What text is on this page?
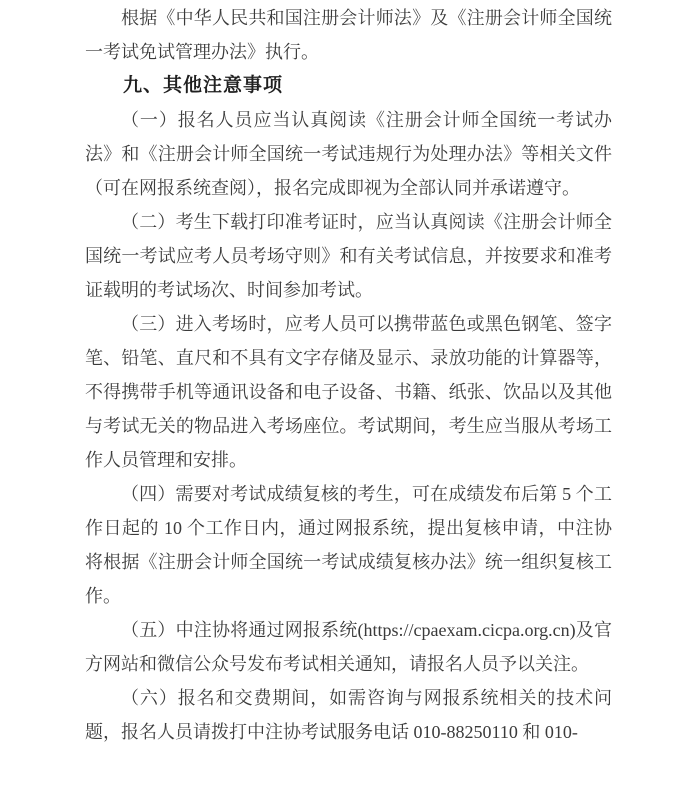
根据《中华人民共和国注册会计师法》及《注册会计师全国统一考试免试管理办法》执行。

九、其他注意事项

（一）报名人员应当认真阅读《注册会计师全国统一考试办法》和《注册会计师全国统一考试违规行为处理办法》等相关文件（可在网报系统查阅），报名完成即视为全部认同并承诺遵守。

（二）考生下载打印准考证时，应当认真阅读《注册会计师全国统一考试应考人员考场守则》和有关考试信息，并按要求和准考证载明的考试场次、时间参加考试。

（三）进入考场时，应考人员可以携带蓝色或黑色钢笔、签字笔、铅笔、直尺和不具有文字存储及显示、录放功能的计算器等，不得携带手机等通讯设备和电子设备、书籍、纸张、饮品以及其他与考试无关的物品进入考场座位。考试期间，考生应当服从考场工作人员管理和安排。

（四）需要对考试成绩复核的考生，可在成绩发布后第 5 个工作日起的 10 个工作日内，通过网报系统，提出复核申请，中注协将根据《注册会计师全国统一考试成绩复核办法》统一组织复核工作。

（五）中注协将通过网报系统(https://cpaexam.cicpa.org.cn)及官方网站和微信公众号发布考试相关通知，请报名人员予以关注。

（六）报名和交费期间，如需咨询与网报系统相关的技术问题，报名人员请拨打中注协考试服务电话 010-88250110 和 010-
